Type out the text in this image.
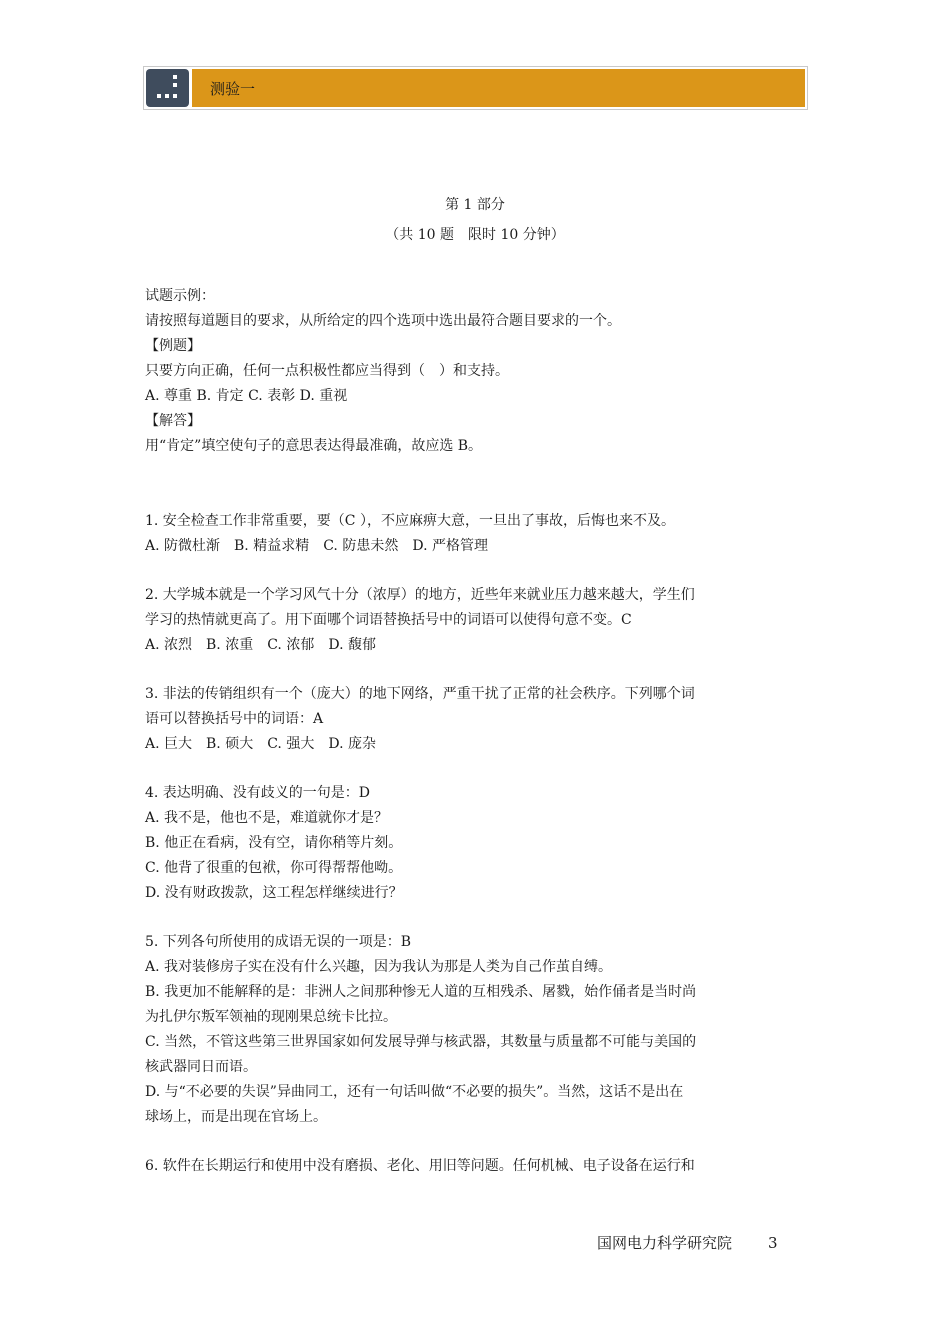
测验一
第 1 部分
（共 10 题　限时 10 分钟）
试题示例：
请按照每道题目的要求，从所给定的四个选项中选出最符合题目要求的一个。
【例题】
只要方向正确，任何一点积极性都应当得到（　）和支持。
A. 尊重 B. 肯定 C. 表彰 D. 重视
【解答】
用“肯定”填空使句子的意思表达得最准确，故应选 B。
1. 安全检查工作非常重要，要（C ），不应麻痹大意，一旦出了事故，后悔也来不及。
A. 防微杜渐 B. 精益求精 C. 防患未然 D. 严格管理
2. 大学城本就是一个学习风气十分（浓厚）的地方，近些年来就业压力越来越大，学生们
学习的热情就更高了。用下面哪个词语替换括号中的词语可以使得句意不变。C
A. 浓烈 B. 浓重 C. 浓郁 D. 馥郁
3. 非法的传销组织有一个（庞大）的地下网络，严重干扰了正常的社会秩序。下列哪个词
语可以替换括号中的词语：A
A. 巨大 B. 硕大 C. 强大 D. 庞杂
4. 表达明确、没有歧义的一句是：D
A. 我不是，他也不是，难道就你才是？
B. 他正在看病，没有空，请你稍等片刻。
C. 他背了很重的包袱，你可得帮帮他呦。
D. 没有财政拨款，这工程怎样继续进行？
5. 下列各句所使用的成语无误的一项是：B
A. 我对装修房子实在没有什么兴趣，因为我认为那是人类为自己作茧自缚。
B. 我更加不能解释的是：非洲人之间那种惨无人道的互相残杀、屠戮，始作俑者是当时尚
为扎伊尔叛军领袖的现刚果总统卡比拉。
C. 当然，不管这些第三世界国家如何发展导弹与核武器，其数量与质量都不可能与美国的
核武器同日而语。
D. 与“不必要的失误”异曲同工，还有一句话叫做“不必要的损失”。当然，这话不是出在
球场上，而是出现在官场上。
6. 软件在长期运行和使用中没有磨损、老化、用旧等问题。任何机械、电子设备在运行和
国网电力科学研究院 3
